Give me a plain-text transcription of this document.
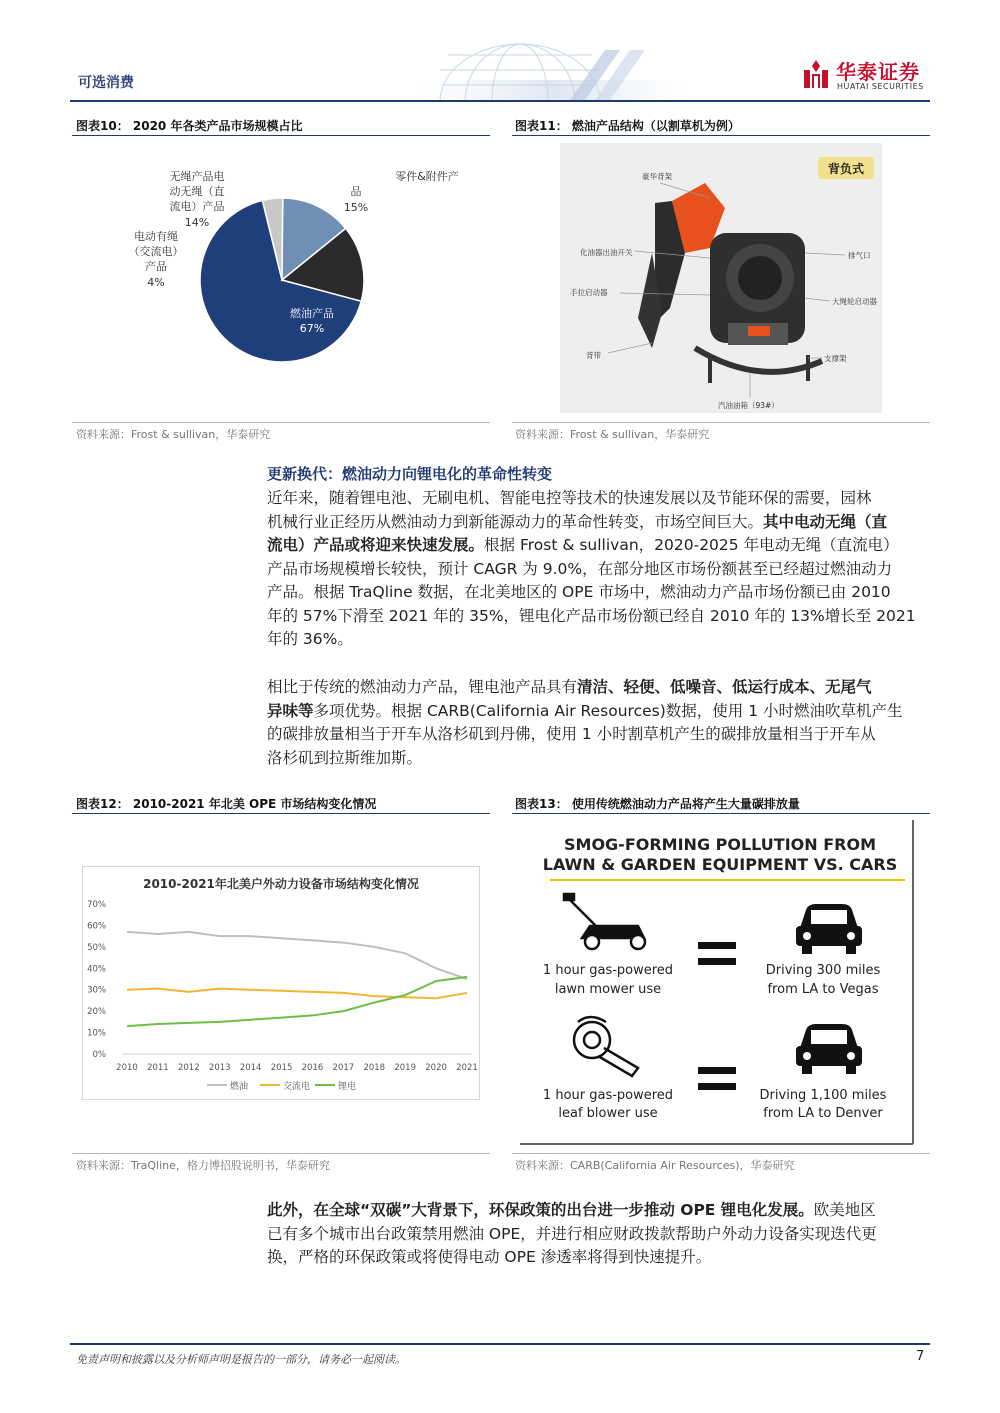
可选消费	华泰证券
HUATAI SECURITIES
图表10： 2020 年各类产品市场规模占比
零件&附件产
品
15%
无绳产品电
动无绳（直
流电）产品
14%
电动有绳
（交流电）
产品
4%
燃油产品
67%
资料来源：Frost & sullivan，华泰研究
图表11： 燃油产品结构（以割草机为例）
背负式
豪华背架
化油器出油开关
手拉启动器
背带
排气口
大绳轮启动器
支撑架
汽油油箱（93#）
资料来源：Frost & sullivan，华泰研究
更新换代：燃油动力向锂电化的革命性转变
近年来，随着锂电池、无刷电机、智能电控等技术的快速发展以及节能环保的需要，园林
机械行业正经历从燃油动力到新能源动力的革命性转变，市场空间巨大。其中电动无绳（直
流电）产品或将迎来快速发展。根据 Frost & sullivan，2020-2025 年电动无绳（直流电）
产品市场规模增长较快，预计 CAGR 为 9.0%，在部分地区市场份额甚至已经超过燃油动力
产品。根据 TraQline 数据，在北美地区的 OPE 市场中，燃油动力产品市场份额已由 2010
年的 57%下滑至 2021 年的 35%，锂电化产品市场份额已经自 2010 年的 13%增长至 2021
年的 36%。
相比于传统的燃油动力产品，锂电池产品具有清洁、轻便、低噪音、低运行成本、无尾气
异味等多项优势。根据 CARB(California Air Resources)数据，使用 1 小时燃油吹草机产生
的碳排放量相当于开车从洛杉矶到丹佛，使用 1 小时割草机产生的碳排放量相当于开车从
洛杉矶到拉斯维加斯。
图表12： 2010-2021 年北美 OPE 市场结构变化情况
2010-2021年北美户外动力设备市场结构变化情况
70%
60%
50%
40%
30%
20%
10%
0%
2010 2011 2012 2013 2014 2015 2016 2017 2018 2019 2020 2021
燃油	交流电	锂电
资料来源：TraQline，格力博招股说明书，华泰研究
图表13： 使用传统燃油动力产品将产生大量碳排放量
SMOG-FORMING POLLUTION FROM
LAWN & GARDEN EQUIPMENT VS. CARS
1 hour gas-powered
lawn mower use
Driving 300 miles
from LA to Vegas
1 hour gas-powered
leaf blower use
Driving 1,100 miles
from LA to Denver
资料来源：CARB(California Air Resources)，华泰研究
此外，在全球“双碳”大背景下，环保政策的出台进一步推动 OPE 锂电化发展。欧美地区
已有多个城市出台政策禁用燃油 OPE，并进行相应财政拨款帮助户外动力设备实现迭代更
换，严格的环保政策或将使得电动 OPE 渗透率将得到快速提升。
免责声明和披露以及分析师声明是报告的一部分，请务必一起阅读。	7
